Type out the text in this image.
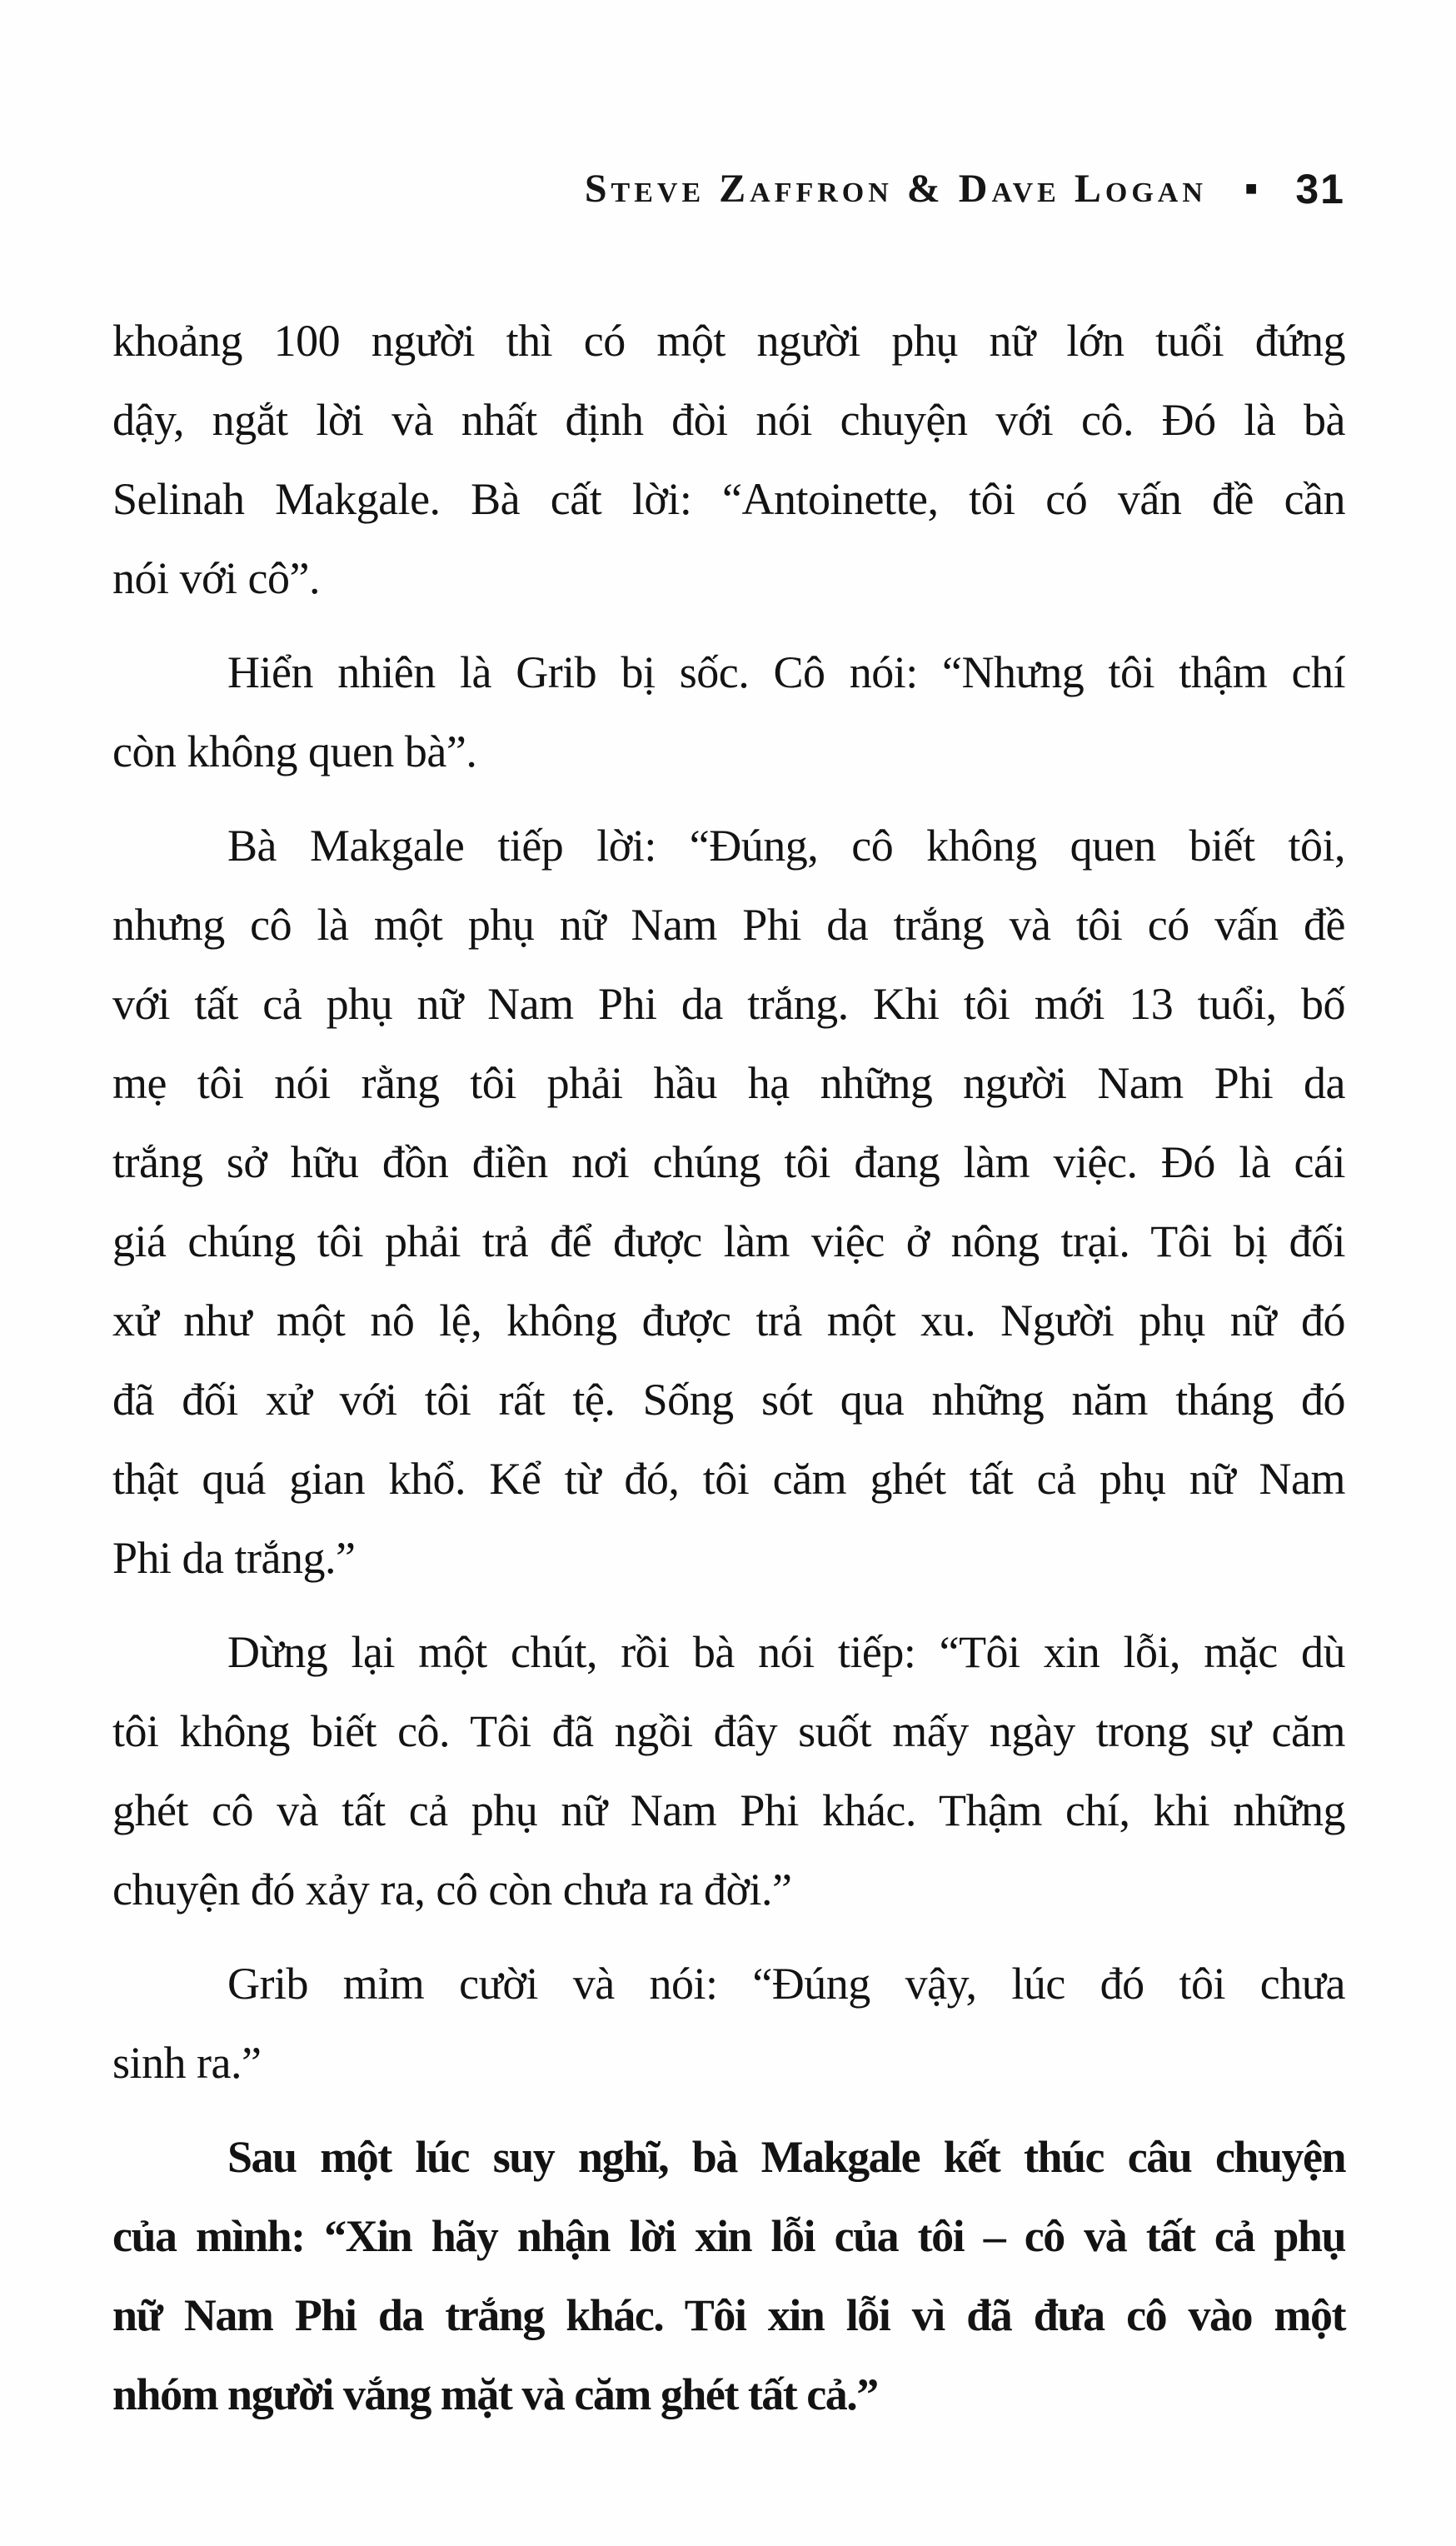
Steve Zaffron & Dave Logan ■ 31
khoảng 100 người thì có một người phụ nữ lớn tuổi đứng
dậy, ngắt lời và nhất định đòi nói chuyện với cô. Đó là bà
Selinah Makgale. Bà cất lời: “Antoinette, tôi có vấn đề cần
nói với cô”.
Hiển nhiên là Grib bị sốc. Cô nói: “Nhưng tôi thậm chí
còn không quen bà”.
Bà Makgale tiếp lời: “Đúng, cô không quen biết tôi,
nhưng cô là một phụ nữ Nam Phi da trắng và tôi có vấn đề
với tất cả phụ nữ Nam Phi da trắng. Khi tôi mới 13 tuổi, bố
mẹ tôi nói rằng tôi phải hầu hạ những người Nam Phi da
trắng sở hữu đồn điền nơi chúng tôi đang làm việc. Đó là cái
giá chúng tôi phải trả để được làm việc ở nông trại. Tôi bị đối
xử như một nô lệ, không được trả một xu. Người phụ nữ đó
đã đối xử với tôi rất tệ. Sống sót qua những năm tháng đó
thật quá gian khổ. Kể từ đó, tôi căm ghét tất cả phụ nữ Nam
Phi da trắng.”
Dừng lại một chút, rồi bà nói tiếp: “Tôi xin lỗi, mặc dù
tôi không biết cô. Tôi đã ngồi đây suốt mấy ngày trong sự căm
ghét cô và tất cả phụ nữ Nam Phi khác. Thậm chí, khi những
chuyện đó xảy ra, cô còn chưa ra đời.”
Grib mỉm cười và nói: “Đúng vậy, lúc đó tôi chưa
sinh ra.”
Sau một lúc suy nghĩ, bà Makgale kết thúc câu chuyện
của mình: “Xin hãy nhận lời xin lỗi của tôi – cô và tất cả phụ
nữ Nam Phi da trắng khác. Tôi xin lỗi vì đã đưa cô vào một
nhóm người vắng mặt và căm ghét tất cả.”
